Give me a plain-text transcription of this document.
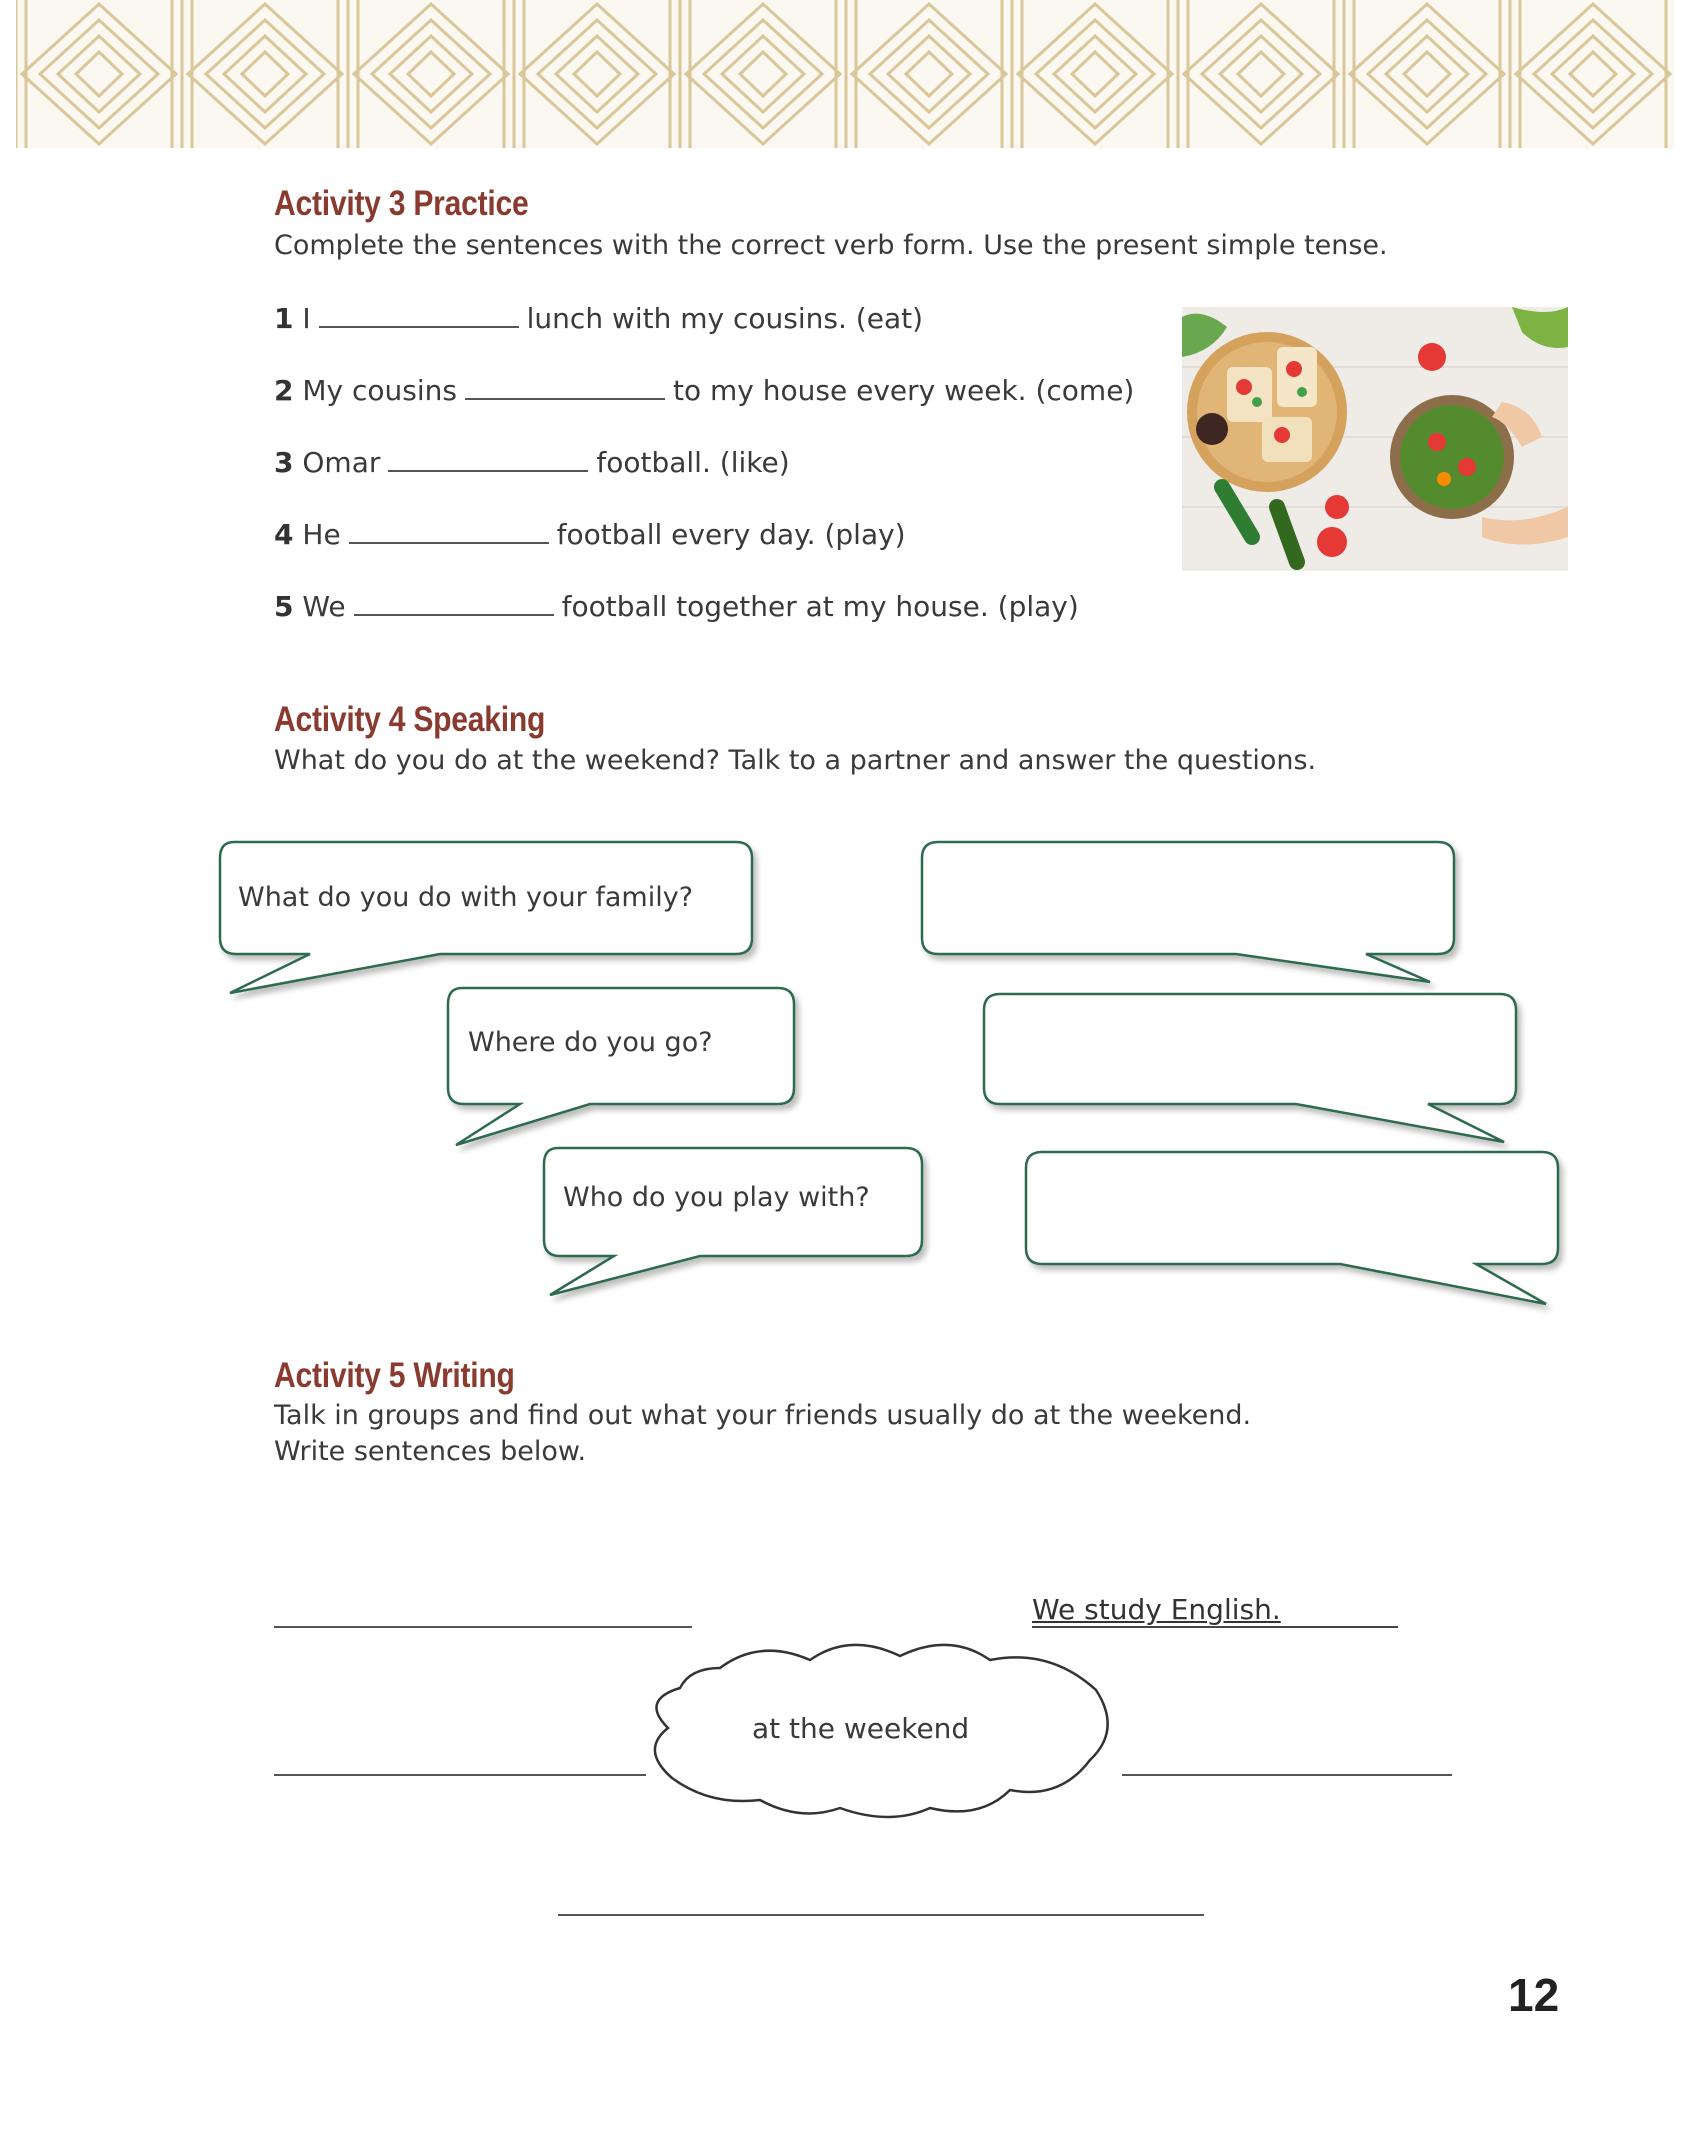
Activity 3 Practice
Complete the sentences with the correct verb form. Use the present simple tense.
1 I	lunch with my cousins. (eat)
2 My cousins	to my house every week. (come)
3 Omar	football. (like)
4 He	football every day. (play)
5 We	football together at my house. (play)
Activity 4 Speaking
What do you do at the weekend? Talk to a partner and answer the questions.
What do you do with your family?
Where do you go?
Who do you play with?
Activity 5 Writing
Talk in groups and find out what your friends usually do at the weekend.
Write sentences below.
We study English.
at the weekend
12
